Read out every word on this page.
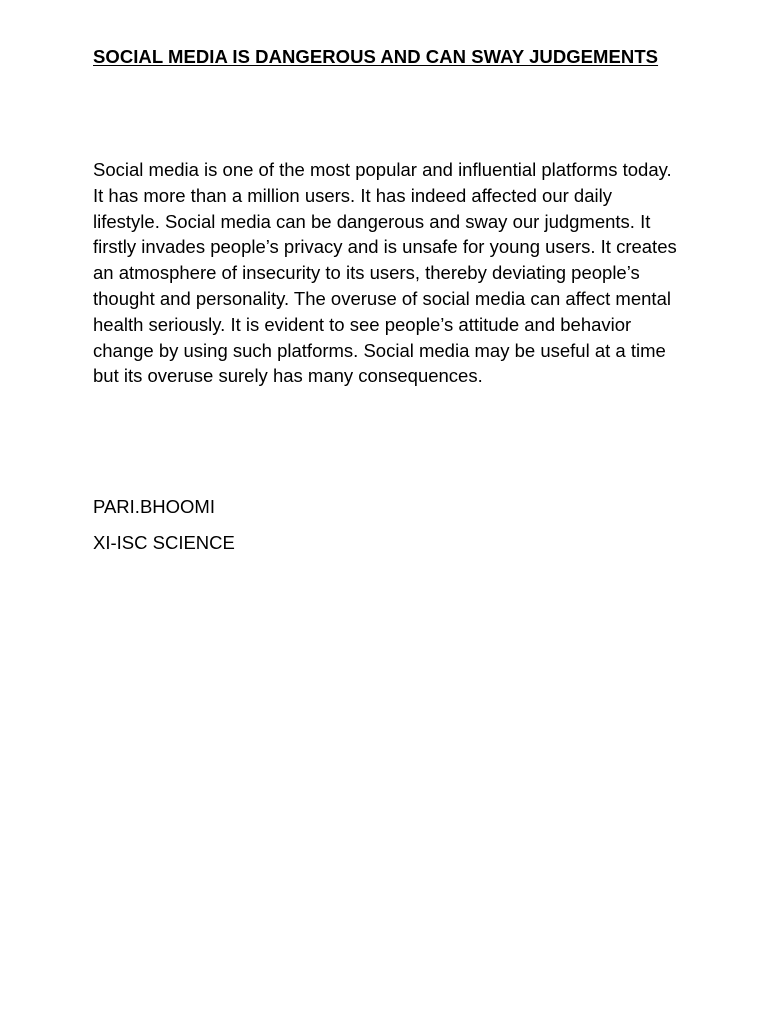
SOCIAL MEDIA IS DANGEROUS AND CAN SWAY JUDGEMENTS

Social media is one of the most popular and influential platforms today. It has more than a million users. It has indeed affected our daily lifestyle. Social media can be dangerous and sway our judgments. It firstly invades people’s privacy and is unsafe for young users. It creates an atmosphere of insecurity to its users, thereby deviating people’s thought and personality. The overuse of social media can affect mental health seriously. It is evident to see people’s attitude and behavior change by using such platforms. Social media may be useful at a time but its overuse surely has many consequences.

PARI.BHOOMI

XI-ISC SCIENCE
